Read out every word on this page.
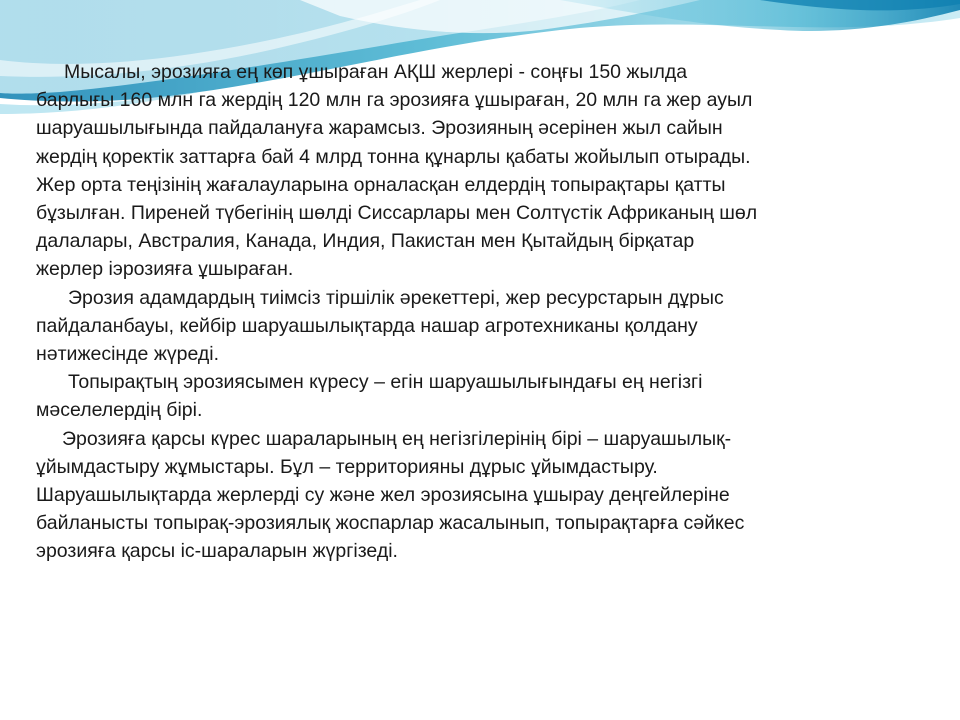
Мысалы, эрозияға ең көп ұшыраған АҚШ жерлері - соңғы 150 жылда
барлығы 160 млн га жердің 120 млн га эрозияға ұшыраған, 20 млн га жер ауыл
шаруашылығында пайдалануға жарамсыз. Эрозияның әсерінен жыл сайын
жердің қоректік заттарға бай 4 млрд тонна құнарлы қабаты жойылып отырады.
Жер орта теңізінің жағалауларына орналасқан елдердің топырақтары қатты
бұзылған. Пиреней түбегінің шөлді Сиссарлары мен Солтүстік Африканың шөл
далалары, Австралия, Канада, Индия, Пакистан мен Қытайдың бірқатар
жерлер іэрозияға ұшыраған.

Эрозия адамдардың тиімсіз тіршілік әрекеттері, жер ресурстарын дұрыс
пайдаланбауы, кейбір шаруашылықтарда нашар агротехниканы қолдану
нәтижесінде жүреді.

Топырақтың эрозиясымен күресу – егін шаруашылығындағы ең негізгі
мәселелердің бірі.

Эрозияға қарсы күрес шараларының ең негізгілерінің бірі – шаруашылық-
ұйымдастыру жұмыстары. Бұл – территорияны дұрыс ұйымдастыру.
Шаруашылықтарда жерлерді су және жел эрозиясына ұшырау деңгейлеріне
байланысты топырақ-эрозиялық жоспарлар жасалынып, топырақтарға сәйкес
эрозияға қарсы іс-шараларын жүргізеді.
